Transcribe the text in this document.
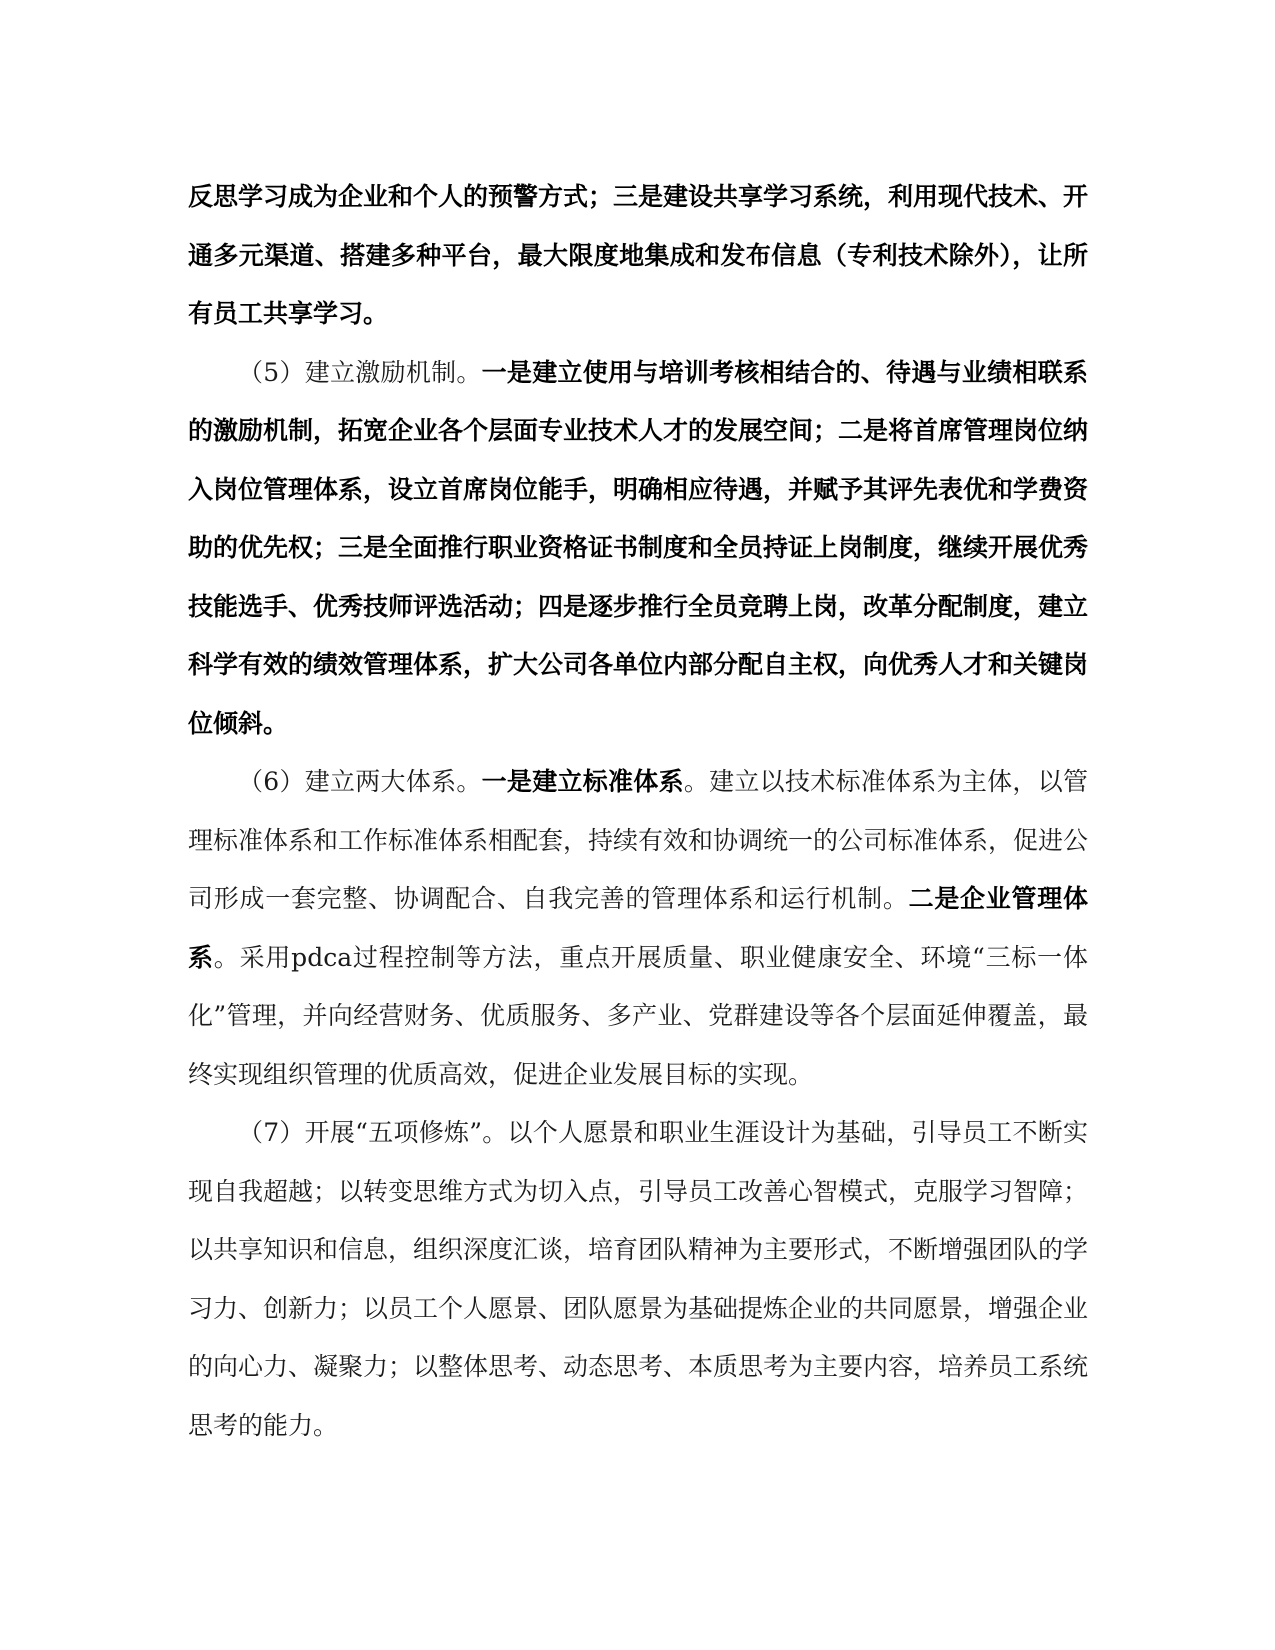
反思学习成为企业和个人的预警方式；三是建设共享学习系统，利用现代技术、开通多元渠道、搭建多种平台，最大限度地集成和发布信息（专利技术除外），让所有员工共享学习。

（5）建立激励机制。一是建立使用与培训考核相结合的、待遇与业绩相联系的激励机制，拓宽企业各个层面专业技术人才的发展空间；二是将首席管理岗位纳入岗位管理体系，设立首席岗位能手，明确相应待遇，并赋予其评先表优和学费资助的优先权；三是全面推行职业资格证书制度和全员持证上岗制度，继续开展优秀技能选手、优秀技师评选活动；四是逐步推行全员竞聘上岗，改革分配制度，建立科学有效的绩效管理体系，扩大公司各单位内部分配自主权，向优秀人才和关键岗位倾斜。

（6）建立两大体系。一是建立标准体系。建立以技术标准体系为主体，以管理标准体系和工作标准体系相配套，持续有效和协调统一的公司标准体系，促进公司形成一套完整、协调配合、自我完善的管理体系和运行机制。二是企业管理体系。采用pdca过程控制等方法，重点开展质量、职业健康安全、环境“三标一体化”管理，并向经营财务、优质服务、多产业、党群建设等各个层面延伸覆盖，最终实现组织管理的优质高效，促进企业发展目标的实现。

（7）开展“五项修炼”。以个人愿景和职业生涯设计为基础，引导员工不断实现自我超越；以转变思维方式为切入点，引导员工改善心智模式，克服学习智障；以共享知识和信息，组织深度汇谈，培育团队精神为主要形式，不断增强团队的学习力、创新力；以员工个人愿景、团队愿景为基础提炼企业的共同愿景，增强企业的向心力、凝聚力；以整体思考、动态思考、本质思考为主要内容，培养员工系统思考的能力。
